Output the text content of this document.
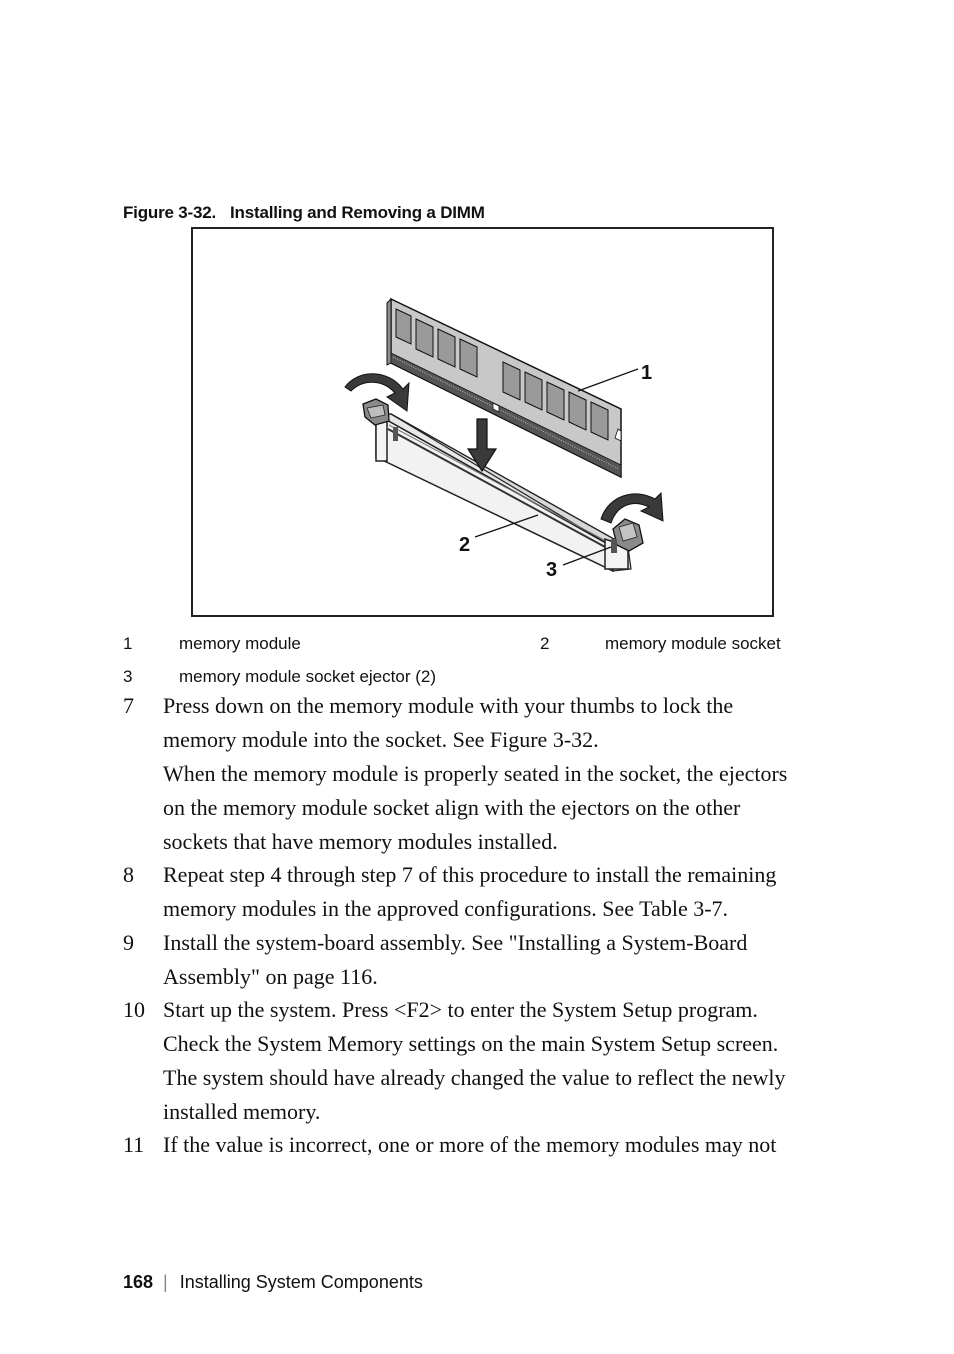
Figure 3-32. Installing and Removing a DIMM
1
2
3
1	memory module	2	memory module socket
3	memory module socket ejector (2)
7 Press down on the memory module with your thumbs to lock the
memory module into the socket. See Figure 3-32.
When the memory module is properly seated in the socket, the ejectors
on the memory module socket align with the ejectors on the other
sockets that have memory modules installed.
8 Repeat step 4 through step 7 of this procedure to install the remaining
memory modules in the approved configurations. See Table 3-7.
9 Install the system-board assembly. See "Installing a System-Board
Assembly" on page 116.
10 Start up the system. Press <F2> to enter the System Setup program.
Check the System Memory settings on the main System Setup screen.
The system should have already changed the value to reflect the newly
installed memory.
11 If the value is incorrect, one or more of the memory modules may not
168 | Installing System Components
